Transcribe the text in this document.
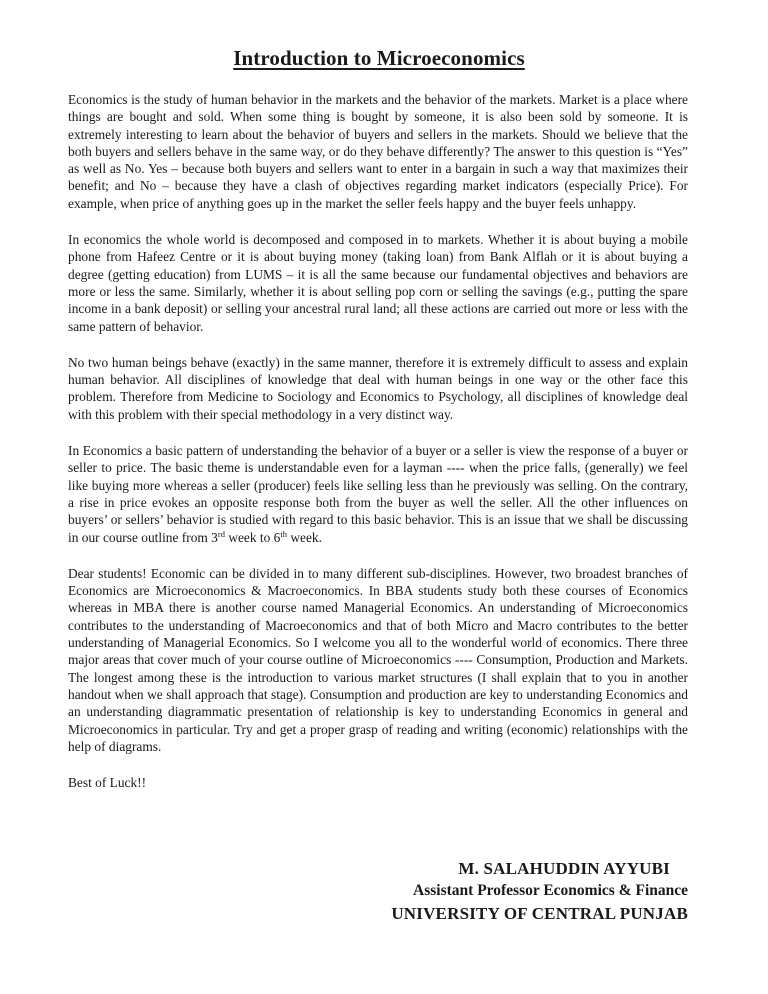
Introduction to Microeconomics

Economics is the study of human behavior in the markets and the behavior of the markets. Market is a place where things are bought and sold. When some thing is bought by someone, it is also been sold by someone. It is extremely interesting to learn about the behavior of buyers and sellers in the markets. Should we believe that the both buyers and sellers behave in the same way, or do they behave differently? The answer to this question is “Yes” as well as No. Yes – because both buyers and sellers want to enter in a bargain in such a way that maximizes their benefit; and No – because they have a clash of objectives regarding market indicators (especially Price). For example, when price of anything goes up in the market the seller feels happy and the buyer feels unhappy.

In economics the whole world is decomposed and composed in to markets. Whether it is about buying a mobile phone from Hafeez Centre or it is about buying money (taking loan) from Bank Alflah or it is about buying a degree (getting education) from LUMS – it is all the same because our fundamental objectives and behaviors are more or less the same. Similarly, whether it is about selling pop corn or selling the savings (e.g., putting the spare income in a bank deposit) or selling your ancestral rural land; all these actions are carried out more or less with the same pattern of behavior.

No two human beings behave (exactly) in the same manner, therefore it is extremely difficult to assess and explain human behavior. All disciplines of knowledge that deal with human beings in one way or the other face this problem. Therefore from Medicine to Sociology and Economics to Psychology, all disciplines of knowledge deal with this problem with their special methodology in a very distinct way.

In Economics a basic pattern of understanding the behavior of a buyer or a seller is view the response of a buyer or seller to price. The basic theme is understandable even for a layman ---- when the price falls, (generally) we feel like buying more whereas a seller (producer) feels like selling less than he previously was selling. On the contrary, a rise in price evokes an opposite response both from the buyer as well the seller. All the other influences on buyers’ or sellers’ behavior is studied with regard to this basic behavior. This is an issue that we shall be discussing in our course outline from 3rd week to 6th week.

Dear students! Economic can be divided in to many different sub-disciplines. However, two broadest branches of Economics are Microeconomics & Macroeconomics. In BBA students study both these courses of Economics whereas in MBA there is another course named Managerial Economics. An understanding of Microeconomics contributes to the understanding of Macroeconomics and that of both Micro and Macro contributes to the better understanding of Managerial Economics. So I welcome you all to the wonderful world of economics. There three major areas that cover much of your course outline of Microeconomics ---- Consumption, Production and Markets. The longest among these is the introduction to various market structures (I shall explain that to you in another handout when we shall approach that stage). Consumption and production are key to understanding Economics and an understanding diagrammatic presentation of relationship is key to understanding Economics in general and Microeconomics in particular. Try and get a proper grasp of reading and writing (economic) relationships with the help of diagrams.

Best of Luck!!

M. SALAHUDDIN AYYUBI

Assistant Professor Economics & Finance

UNIVERSITY OF CENTRAL PUNJAB
